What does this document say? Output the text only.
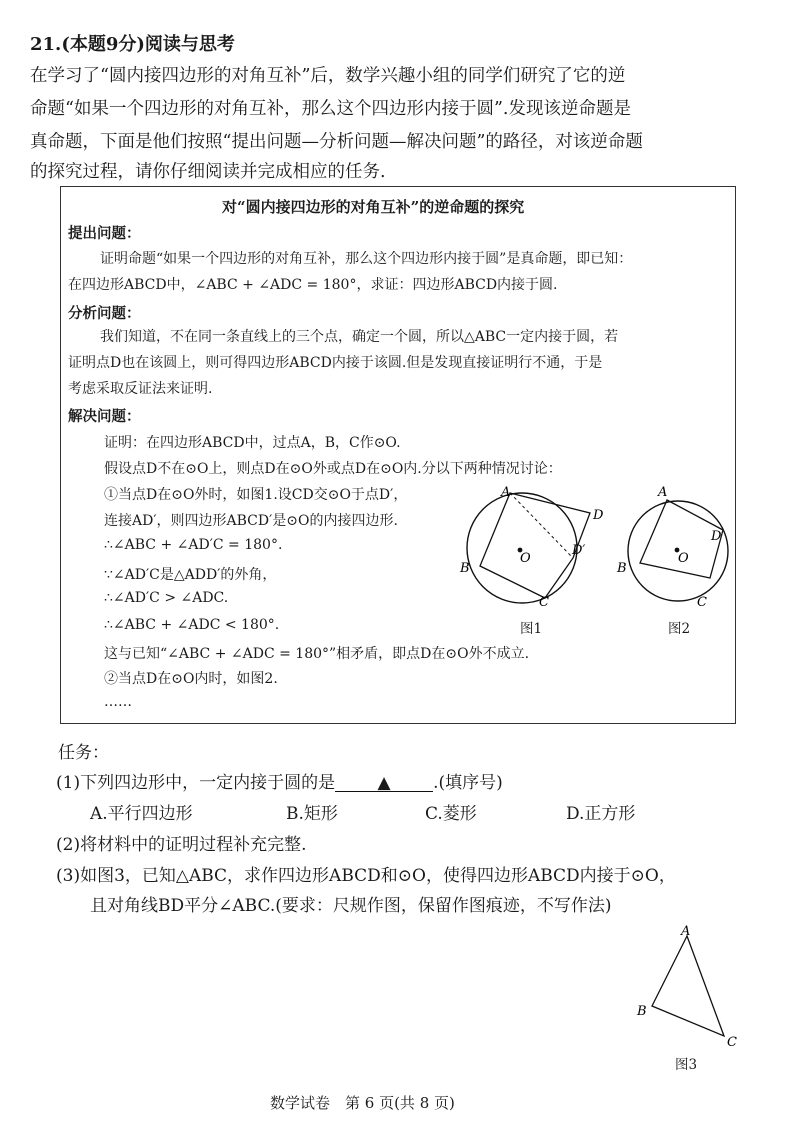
21.(本题9分)阅读与思考
在学习了“圆内接四边形的对角互补”后，数学兴趣小组的同学们研究了它的逆
命题“如果一个四边形的对角互补，那么这个四边形内接于圆”.发现该逆命题是
真命题，下面是他们按照“提出问题—分析问题—解决问题”的路径，对该逆命题
的探究过程，请你仔细阅读并完成相应的任务.
对“圆内接四边形的对角互补”的逆命题的探究
提出问题：
证明命题“如果一个四边形的对角互补，那么这个四边形内接于圆”是真命题，即已知：
在四边形ABCD中，∠ABC + ∠ADC = 180°，求证：四边形ABCD内接于圆.
分析问题：
我们知道，不在同一条直线上的三个点，确定一个圆，所以△ABC一定内接于圆，若
证明点D也在该圆上，则可得四边形ABCD内接于该圆.但是发现直接证明行不通，于是
考虑采取反证法来证明.
解决问题：
证明：在四边形ABCD中，过点A，B，C作⊙O.
假设点D不在⊙O上，则点D在⊙O外或点D在⊙O内.分以下两种情况讨论：
①当点D在⊙O外时，如图1.设CD交⊙O于点D′，
连接AD′，则四边形ABCD′是⊙O的内接四边形.
∴∠ABC + ∠AD′C = 180°.
∵∠AD′C是△ADD′的外角，
∴∠AD′C > ∠ADC.
∴∠ABC + ∠ADC < 180°.
这与已知“∠ABC + ∠ADC = 180°”相矛盾，即点D在⊙O外不成立.
②当点D在⊙O内时，如图2.
……
A
D
D′
O
B
C
图1
A
D
O
B
C
图2
任务：
(1)下列四边形中，一定内接于圆的是 ▲ .(填序号)
A.平行四边形	B.矩形	C.菱形	D.正方形
(2)将材料中的证明过程补充完整.
(3)如图3，已知△ABC，求作四边形ABCD和⊙O，使得四边形ABCD内接于⊙O，
且对角线BD平分∠ABC.(要求：尺规作图，保留作图痕迹，不写作法)
A
B
C
图3
数学试卷　第 6 页(共 8 页)
